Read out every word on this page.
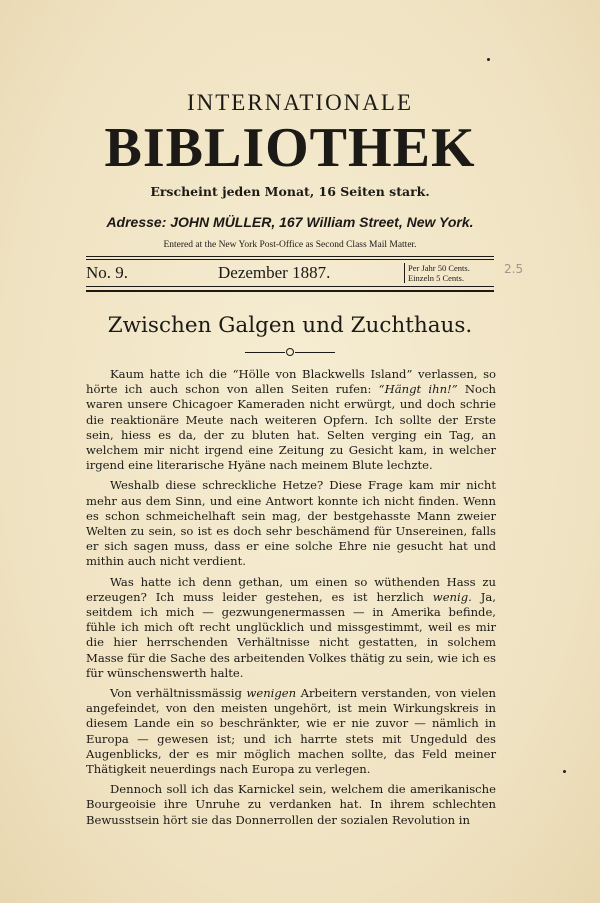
INTERNATIONALE
BIBLIOTHEK
Erscheint jeden Monat, 16 Seiten stark.
Adresse: JOHN MÜLLER, 167 William Street, New York.
Entered at the New York Post-Office as Second Class Mail Matter.
No. 9.	Dezember 1887.	Per Jahr 50 Cents.
Einzeln 5 Cents.
2.5
Zwischen Galgen und Zuchthaus.

Kaum hatte ich die “Hölle von Blackwells Island” verlassen, so hörte ich auch schon von allen Seiten rufen: “Hängt ihn!” Noch waren unsere Chicagoer Kameraden nicht erwürgt, und doch schrie die reaktionäre Meute nach weiteren Opfern. Ich sollte der Erste sein, hiess es da, der zu bluten hat. Selten verging ein Tag, an welchem mir nicht irgend eine Zeitung zu Gesicht kam, in welcher irgend eine literarische Hyäne nach meinem Blute lechzte.

Weshalb diese schreckliche Hetze? Diese Frage kam mir nicht mehr aus dem Sinn, und eine Antwort konnte ich nicht finden. Wenn es schon schmeichelhaft sein mag, der bestgehasste Mann zweier Welten zu sein, so ist es doch sehr beschämend für Unsereinen, falls er sich sagen muss, dass er eine solche Ehre nie gesucht hat und mithin auch nicht verdient.

Was hatte ich denn gethan, um einen so wüthenden Hass zu erzeugen? Ich muss leider gestehen, es ist herzlich wenig. Ja, seitdem ich mich — gezwungenermassen — in Amerika befinde, fühle ich mich oft recht unglücklich und missgestimmt, weil es mir die hier herrschenden Verhältnisse nicht gestatten, in solchem Masse für die Sache des arbeitenden Volkes thätig zu sein, wie ich es für wünschenswerth halte.

Von verhältnissmässig wenigen Arbeitern verstanden, von vielen angefeindet, von den meisten ungehört, ist mein Wirkungskreis in diesem Lande ein so beschränkter, wie er nie zuvor — nämlich in Europa — gewesen ist; und ich harrte stets mit Ungeduld des Augenblicks, der es mir möglich machen sollte, das Feld meiner Thätigkeit neuerdings nach Europa zu verlegen.

Dennoch soll ich das Karnickel sein, welchem die amerikanische Bourgeoisie ihre Unruhe zu verdanken hat. In ihrem schlechten Bewusstsein hört sie das Donnerrollen der sozialen Revolution in
